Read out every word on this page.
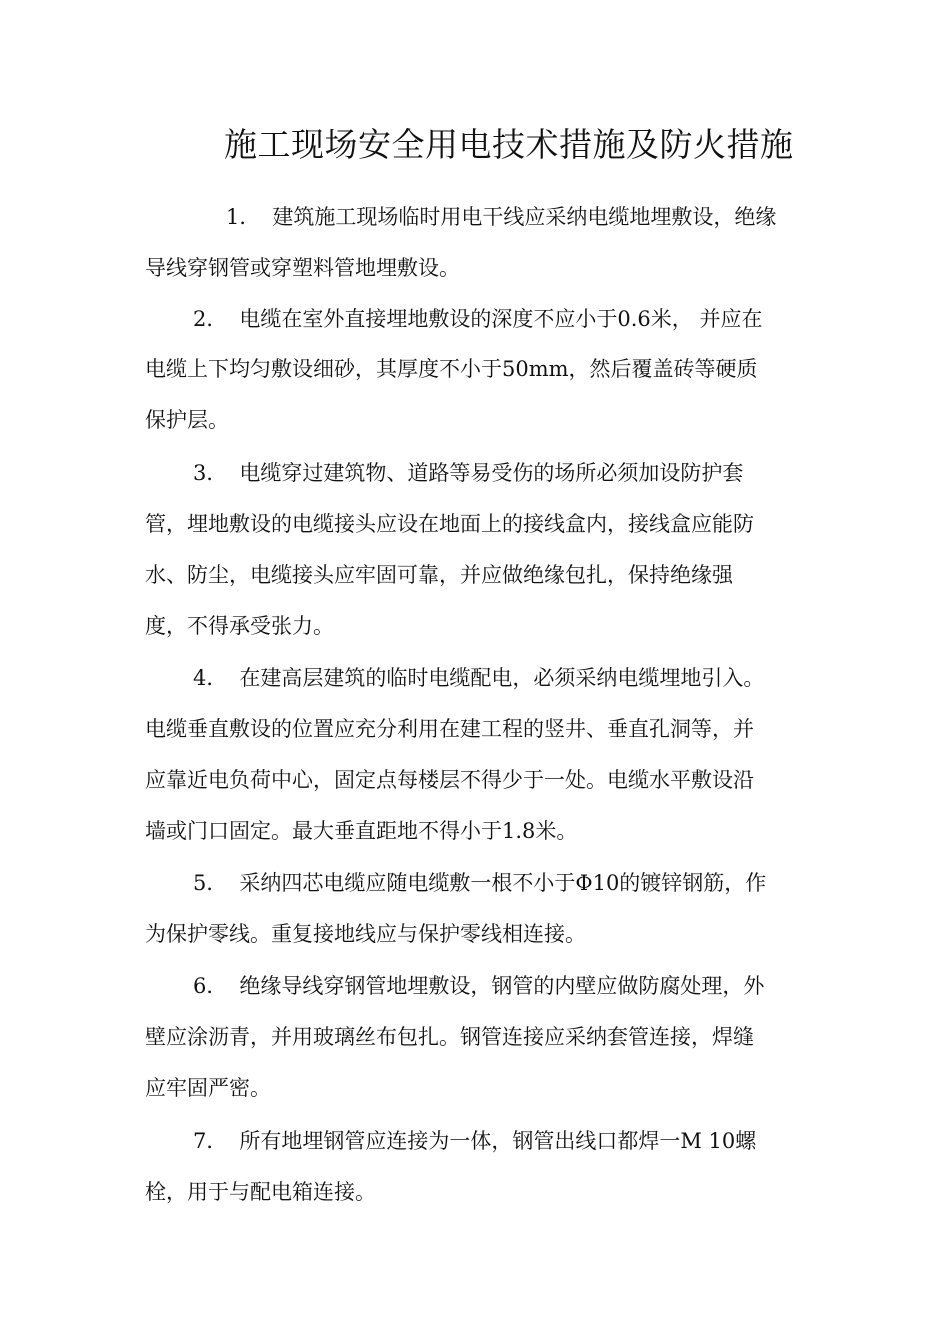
施工现场安全用电技术措施及防火措施
1． 建筑施工现场临时用电干线应采纳电缆地埋敷设，绝缘
导线穿钢管或穿塑料管地埋敷设。
2． 电缆在室外直接埋地敷设的深度不应小于0.6米， 并应在
电缆上下均匀敷设细砂，其厚度不小于50mm，然后覆盖砖等硬质
保护层。
3． 电缆穿过建筑物、道路等易受伤的场所必须加设防护套
管，埋地敷设的电缆接头应设在地面上的接线盒内，接线盒应能防
水、防尘，电缆接头应牢固可靠，并应做绝缘包扎，保持绝缘强
度，不得承受张力。
4． 在建高层建筑的临时电缆配电，必须采纳电缆埋地引入。
电缆垂直敷设的位置应充分利用在建工程的竖井、垂直孔洞等，并
应靠近电负荷中心，固定点每楼层不得少于一处。电缆水平敷设沿
墙或门口固定。最大垂直距地不得小于1.8米。
5． 采纳四芯电缆应随电缆敷一根不小于Φ10的镀锌钢筋，作
为保护零线。重复接地线应与保护零线相连接。
6． 绝缘导线穿钢管地埋敷设，钢管的内壁应做防腐处理，外
壁应涂沥青，并用玻璃丝布包扎。钢管连接应采纳套管连接，焊缝
应牢固严密。
7． 所有地埋钢管应连接为一体，钢管出线口都焊一M 10螺
栓，用于与配电箱连接。
